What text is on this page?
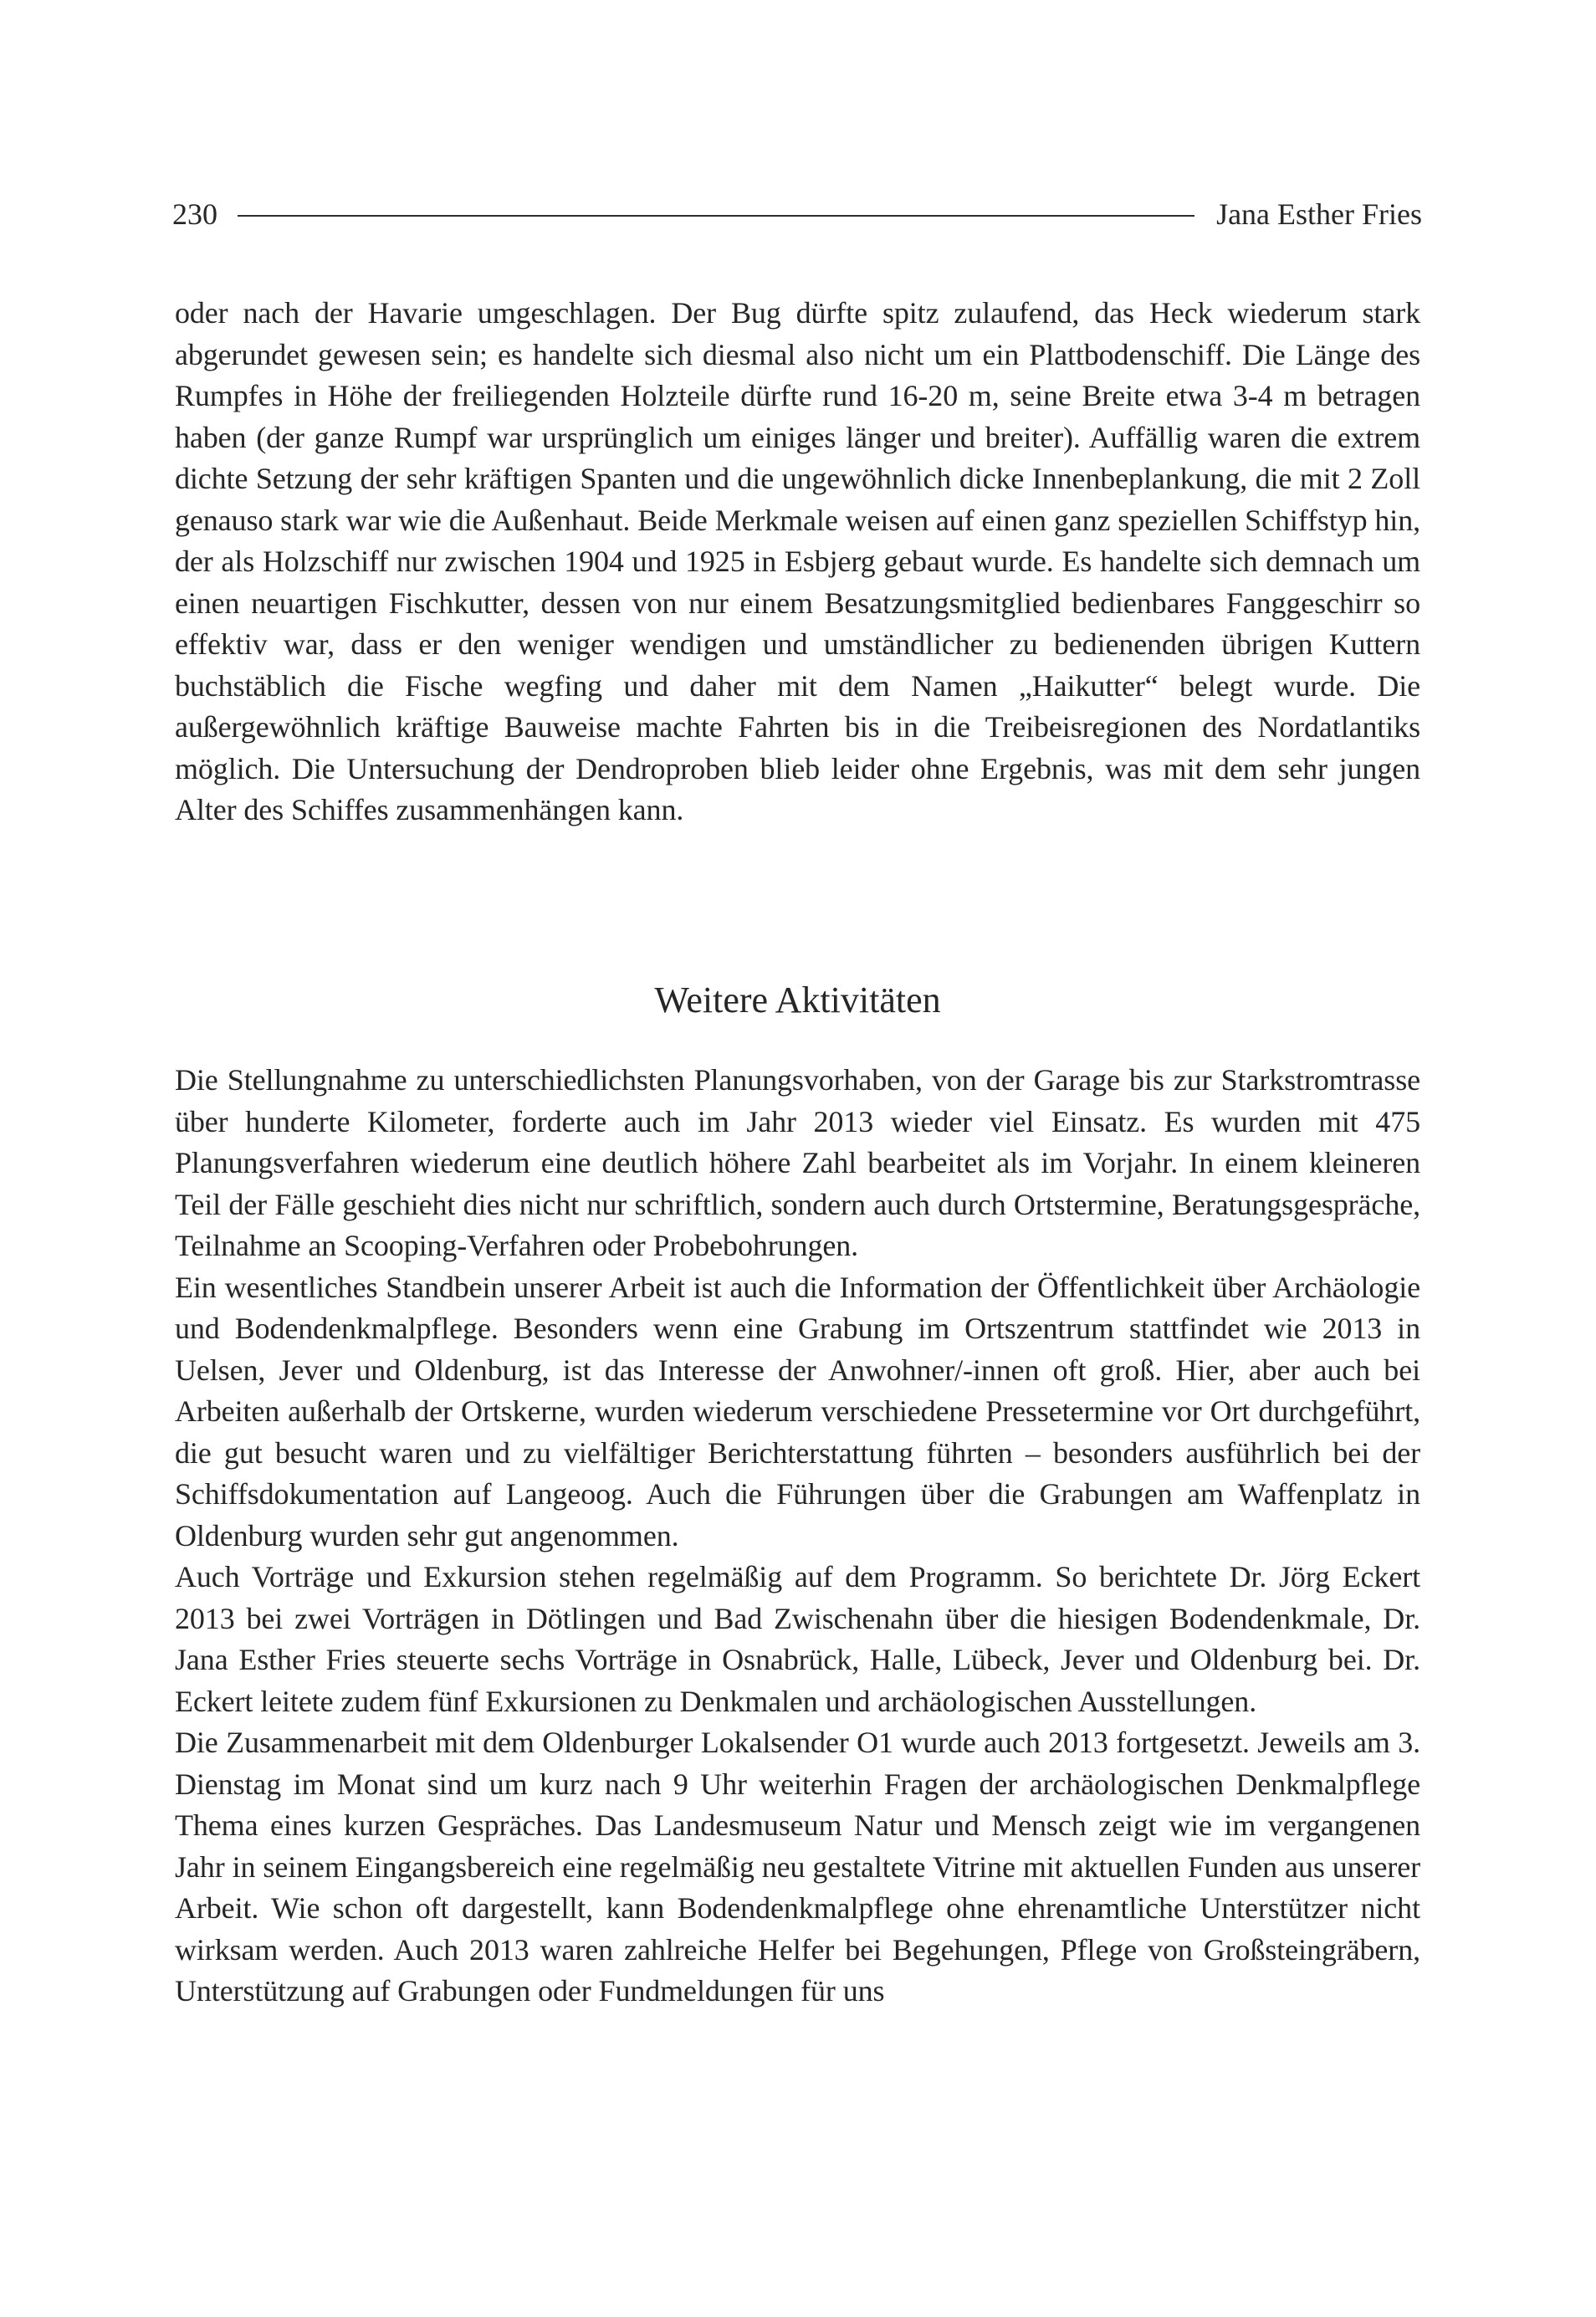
230	Jana Esther Fries

oder nach der Havarie umgeschlagen. Der Bug dürfte spitz zulaufend, das Heck wiederum stark abgerundet gewesen sein; es handelte sich diesmal also nicht um ein Plattbodenschiff. Die Länge des Rumpfes in Höhe der freiliegenden Holzteile dürfte rund 16-20 m, seine Breite etwa 3-4 m betragen haben (der ganze Rumpf war ursprünglich um einiges länger und breiter). Auffällig waren die extrem dichte Setzung der sehr kräftigen Spanten und die ungewöhnlich dicke Innenbeplankung, die mit 2 Zoll genauso stark war wie die Außenhaut. Beide Merkmale weisen auf einen ganz speziellen Schiffstyp hin, der als Holzschiff nur zwischen 1904 und 1925 in Esbjerg gebaut wurde. Es handelte sich demnach um einen neuartigen Fischkutter, dessen von nur einem Besatzungsmitglied bedienbares Fanggeschirr so effektiv war, dass er den weniger wendigen und umständlicher zu bedienenden übrigen Kuttern buchstäblich die Fische wegfing und daher mit dem Namen „Haikutter“ belegt wurde. Die außergewöhnlich kräftige Bauweise machte Fahrten bis in die Treibeisregionen des Nordatlantiks möglich. Die Untersuchung der Dendroproben blieb leider ohne Ergebnis, was mit dem sehr jungen Alter des Schiffes zusammenhängen kann.

Weitere Aktivitäten

Die Stellungnahme zu unterschiedlichsten Planungsvorhaben, von der Garage bis zur Starkstromtrasse über hunderte Kilometer, forderte auch im Jahr 2013 wieder viel Einsatz. Es wurden mit 475 Planungsverfahren wiederum eine deutlich höhere Zahl bearbeitet als im Vorjahr. In einem kleineren Teil der Fälle geschieht dies nicht nur schriftlich, sondern auch durch Ortstermine, Beratungsgespräche, Teilnahme an Scooping-Verfahren oder Probebohrungen.

Ein wesentliches Standbein unserer Arbeit ist auch die Information der Öffentlichkeit über Archäologie und Bodendenkmalpflege. Besonders wenn eine Grabung im Ortszentrum stattfindet wie 2013 in Uelsen, Jever und Oldenburg, ist das Interesse der Anwohner/-innen oft groß. Hier, aber auch bei Arbeiten außerhalb der Ortskerne, wurden wiederum verschiedene Pressetermine vor Ort durchgeführt, die gut besucht waren und zu vielfältiger Berichterstattung führten – besonders ausführlich bei der Schiffsdokumentation auf Langeoog. Auch die Führungen über die Grabungen am Waffenplatz in Oldenburg wurden sehr gut angenommen.

Auch Vorträge und Exkursion stehen regelmäßig auf dem Programm. So berichtete Dr. Jörg Eckert 2013 bei zwei Vorträgen in Dötlingen und Bad Zwischenahn über die hiesigen Bodendenkmale, Dr. Jana Esther Fries steuerte sechs Vorträge in Osnabrück, Halle, Lübeck, Jever und Oldenburg bei. Dr. Eckert leitete zudem fünf Exkursionen zu Denkmalen und archäologischen Ausstellungen.

Die Zusammenarbeit mit dem Oldenburger Lokalsender O1 wurde auch 2013 fortgesetzt. Jeweils am 3. Dienstag im Monat sind um kurz nach 9 Uhr weiterhin Fragen der archäologischen Denkmalpflege Thema eines kurzen Gespräches. Das Landesmuseum Natur und Mensch zeigt wie im vergangenen Jahr in seinem Eingangsbereich eine regelmäßig neu gestaltete Vitrine mit aktuellen Funden aus unserer Arbeit. Wie schon oft dargestellt, kann Bodendenkmalpflege ohne ehrenamtliche Unterstützer nicht wirksam werden. Auch 2013 waren zahlreiche Helfer bei Begehungen, Pflege von Großsteingräbern, Unterstützung auf Grabungen oder Fundmeldungen für uns
